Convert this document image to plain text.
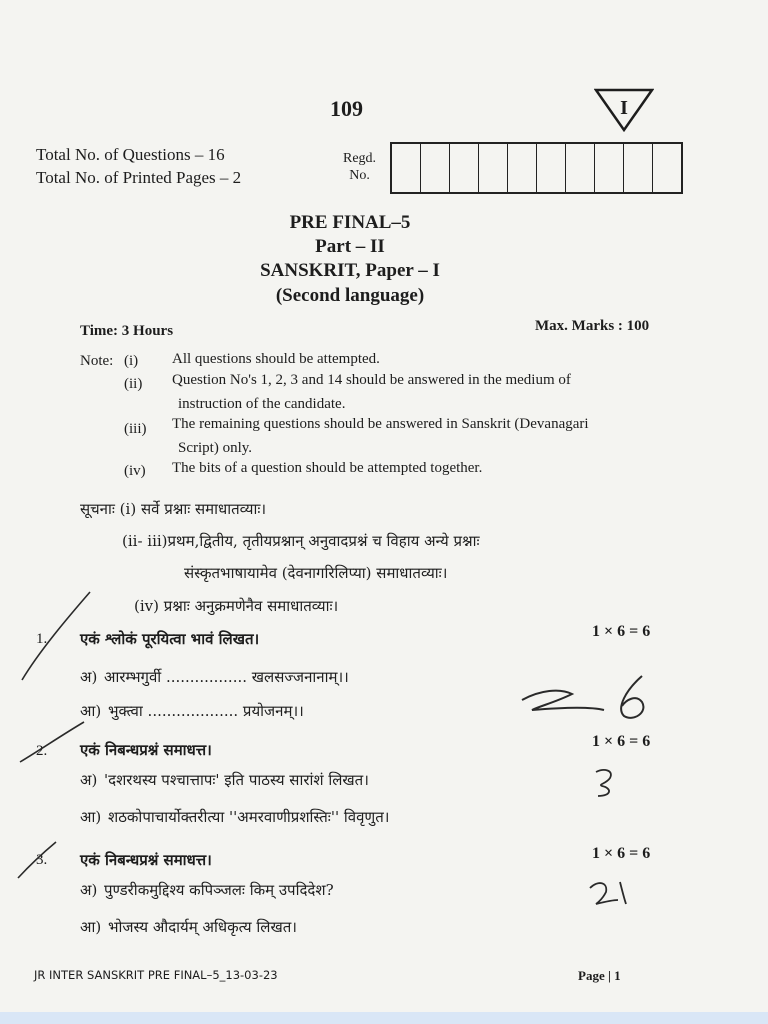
109	I
Total No. of Questions – 16
Total No. of Printed Pages – 2
Regd.
No.
PRE FINAL–5
Part – II
SANSKRIT, Paper – I
(Second language)
Time: 3 Hours	Max. Marks : 100
Note: (i) All questions should be attempted.
(ii) Question No's 1, 2, 3 and 14 should be answered in the medium of
instruction of the candidate.
(iii) The remaining questions should be answered in Sanskrit (Devanagari
Script) only.
(iv) The bits of a question should be attempted together.
सूचनाः (i) सर्वे प्रश्नाः समाधातव्याः।
(ii- iii)प्रथम,द्वितीय, तृतीयप्रश्नान् अनुवादप्रश्नं च विहाय अन्ये प्रश्नाः
संस्कृतभाषायामेव (देवनागरिलिप्या) समाधातव्याः।
(iv) प्रश्नाः अनुक्रमणेनैव समाधातव्याः।
1. एकं श्लोकं पूरयित्वा भावं लिखत।	1 × 6 = 6
अ) आरम्भगुर्वी ................. खलसज्जनानाम्।।
आ) भुक्त्वा ................... प्रयोजनम्।।
2. एकं निबन्धप्रश्नं समाधत्त।	1 × 6 = 6
अ) 'दशरथस्य पश्चात्तापः' इति पाठस्य सारांशं लिखत।
आ) शठकोपाचार्योक्तरीत्या ''अमरवाणीप्रशस्तिः'' विवृणुत।
3. एकं निबन्धप्रश्नं समाधत्त।	1 × 6 = 6
अ) पुण्डरीकमुद्दिश्य कपिञ्जलः किम् उपदिदेश?
आ) भोजस्य औदार्यम् अधिकृत्य लिखत।
JR INTER SANSKRIT PRE FINAL–5_13-03-23	Page | 1
